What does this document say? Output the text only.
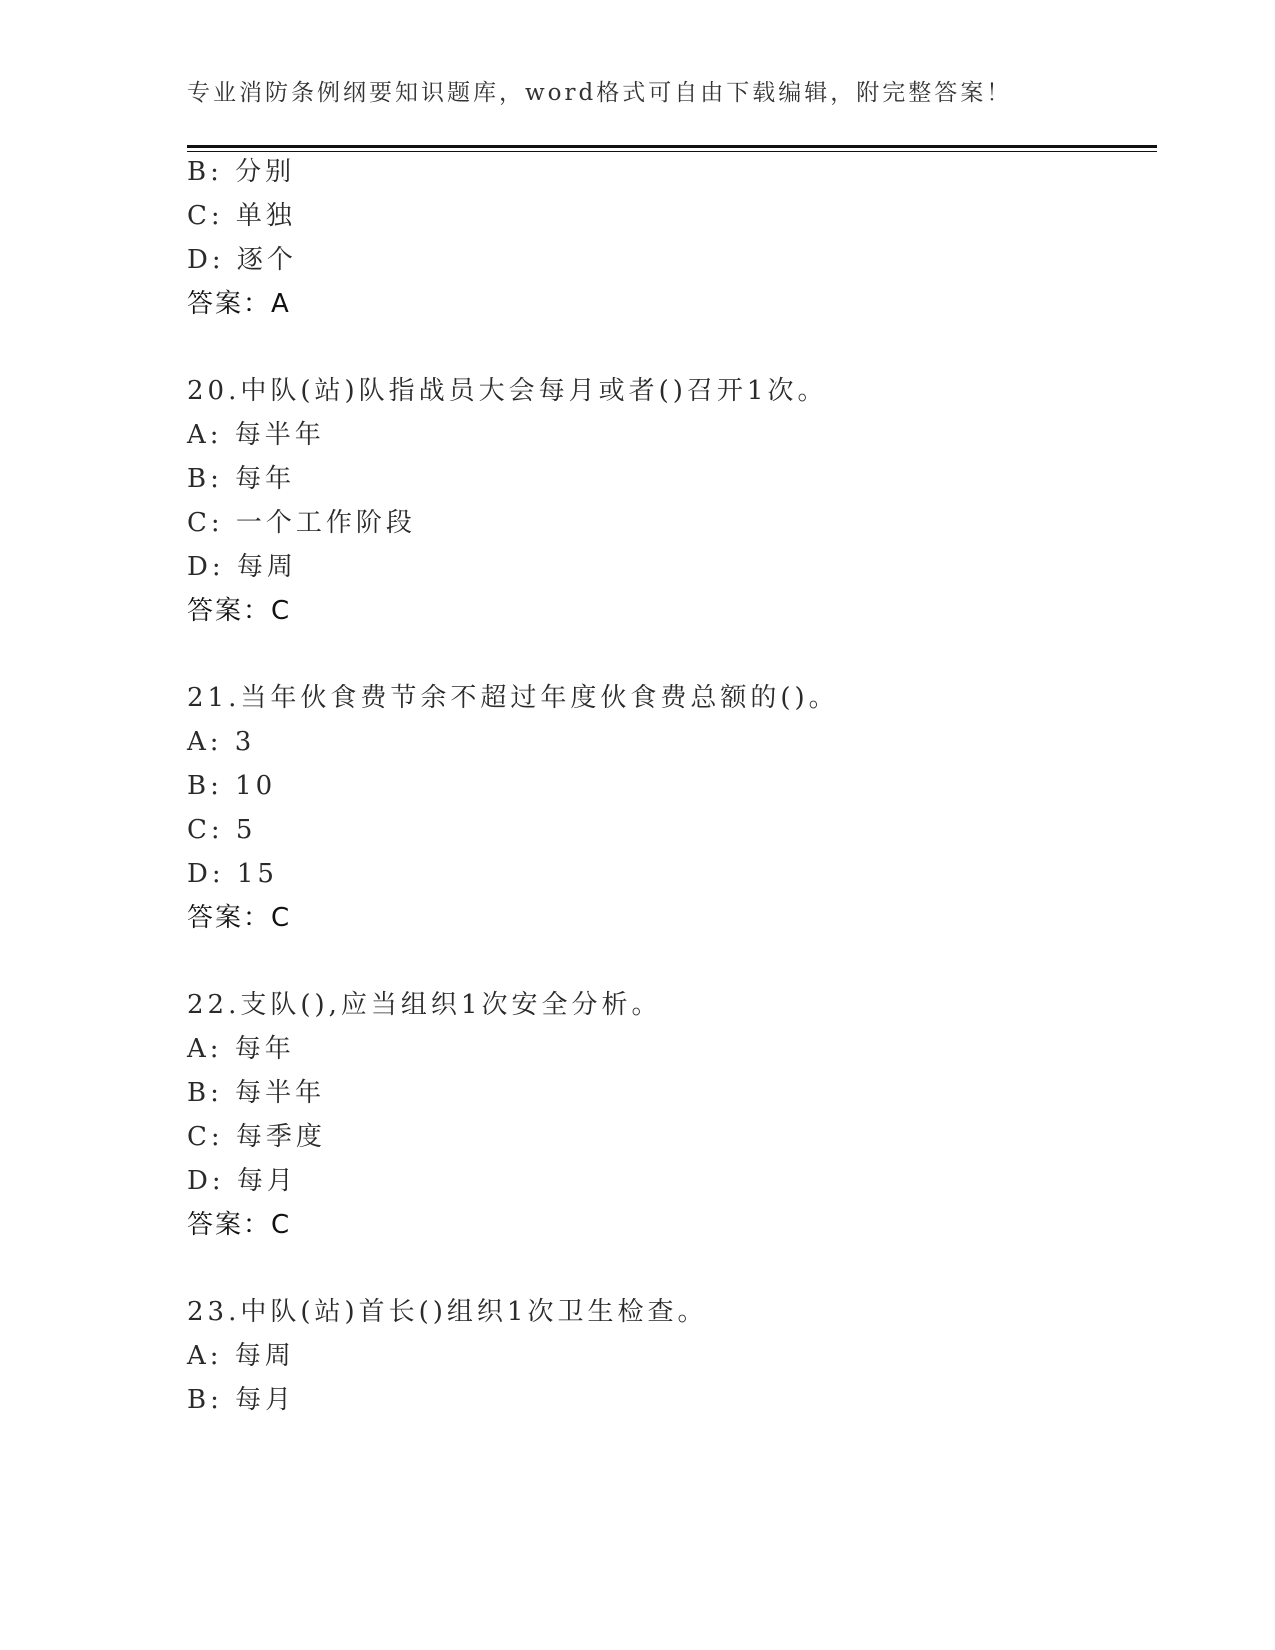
专业消防条例纲要知识题库，word格式可自由下载编辑，附完整答案！
B: 分别
C: 单独
D: 逐个
答案：A
20.中队(站)队指战员大会每月或者()召开1次。
A: 每半年
B: 每年
C: 一个工作阶段
D: 每周
答案：C
21.当年伙食费节余不超过年度伙食费总额的()。
A: 3
B: 10
C: 5
D: 15
答案：C
22.支队(),应当组织1次安全分析。
A: 每年
B: 每半年
C: 每季度
D: 每月
答案：C
23.中队(站)首长()组织1次卫生检查。
A: 每周
B: 每月
